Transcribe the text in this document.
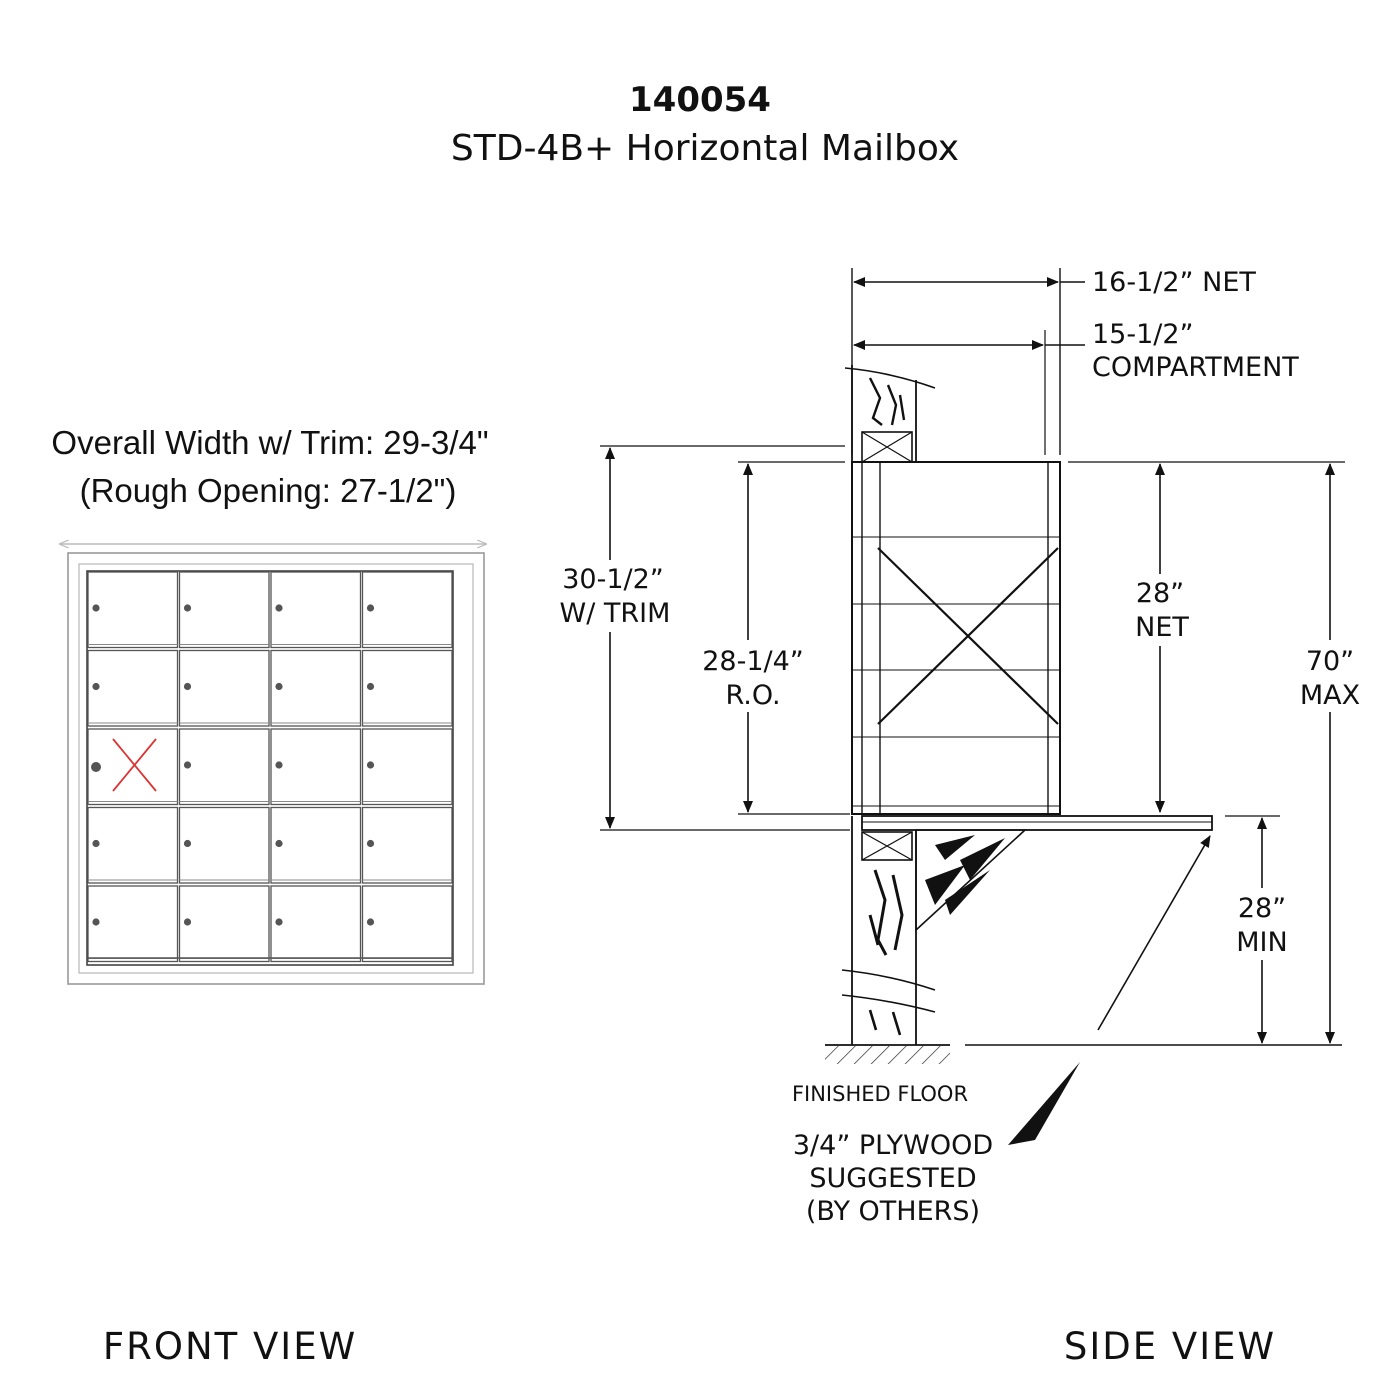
140054
STD-4B+ Horizontal Mailbox
Overall Width w/ Trim: 29-3/4"
(Rough Opening: 27-1/2")
16-1/2” NET
15-1/2”
COMPARTMENT
30-1/2”
W/ TRIM
28-1/4”
R.O.
28”
NET
70”
MAX
28”
MIN
FINISHED FLOOR
3/4” PLYWOOD
SUGGESTED
(BY OTHERS)
FRONT VIEW	SIDE VIEW
